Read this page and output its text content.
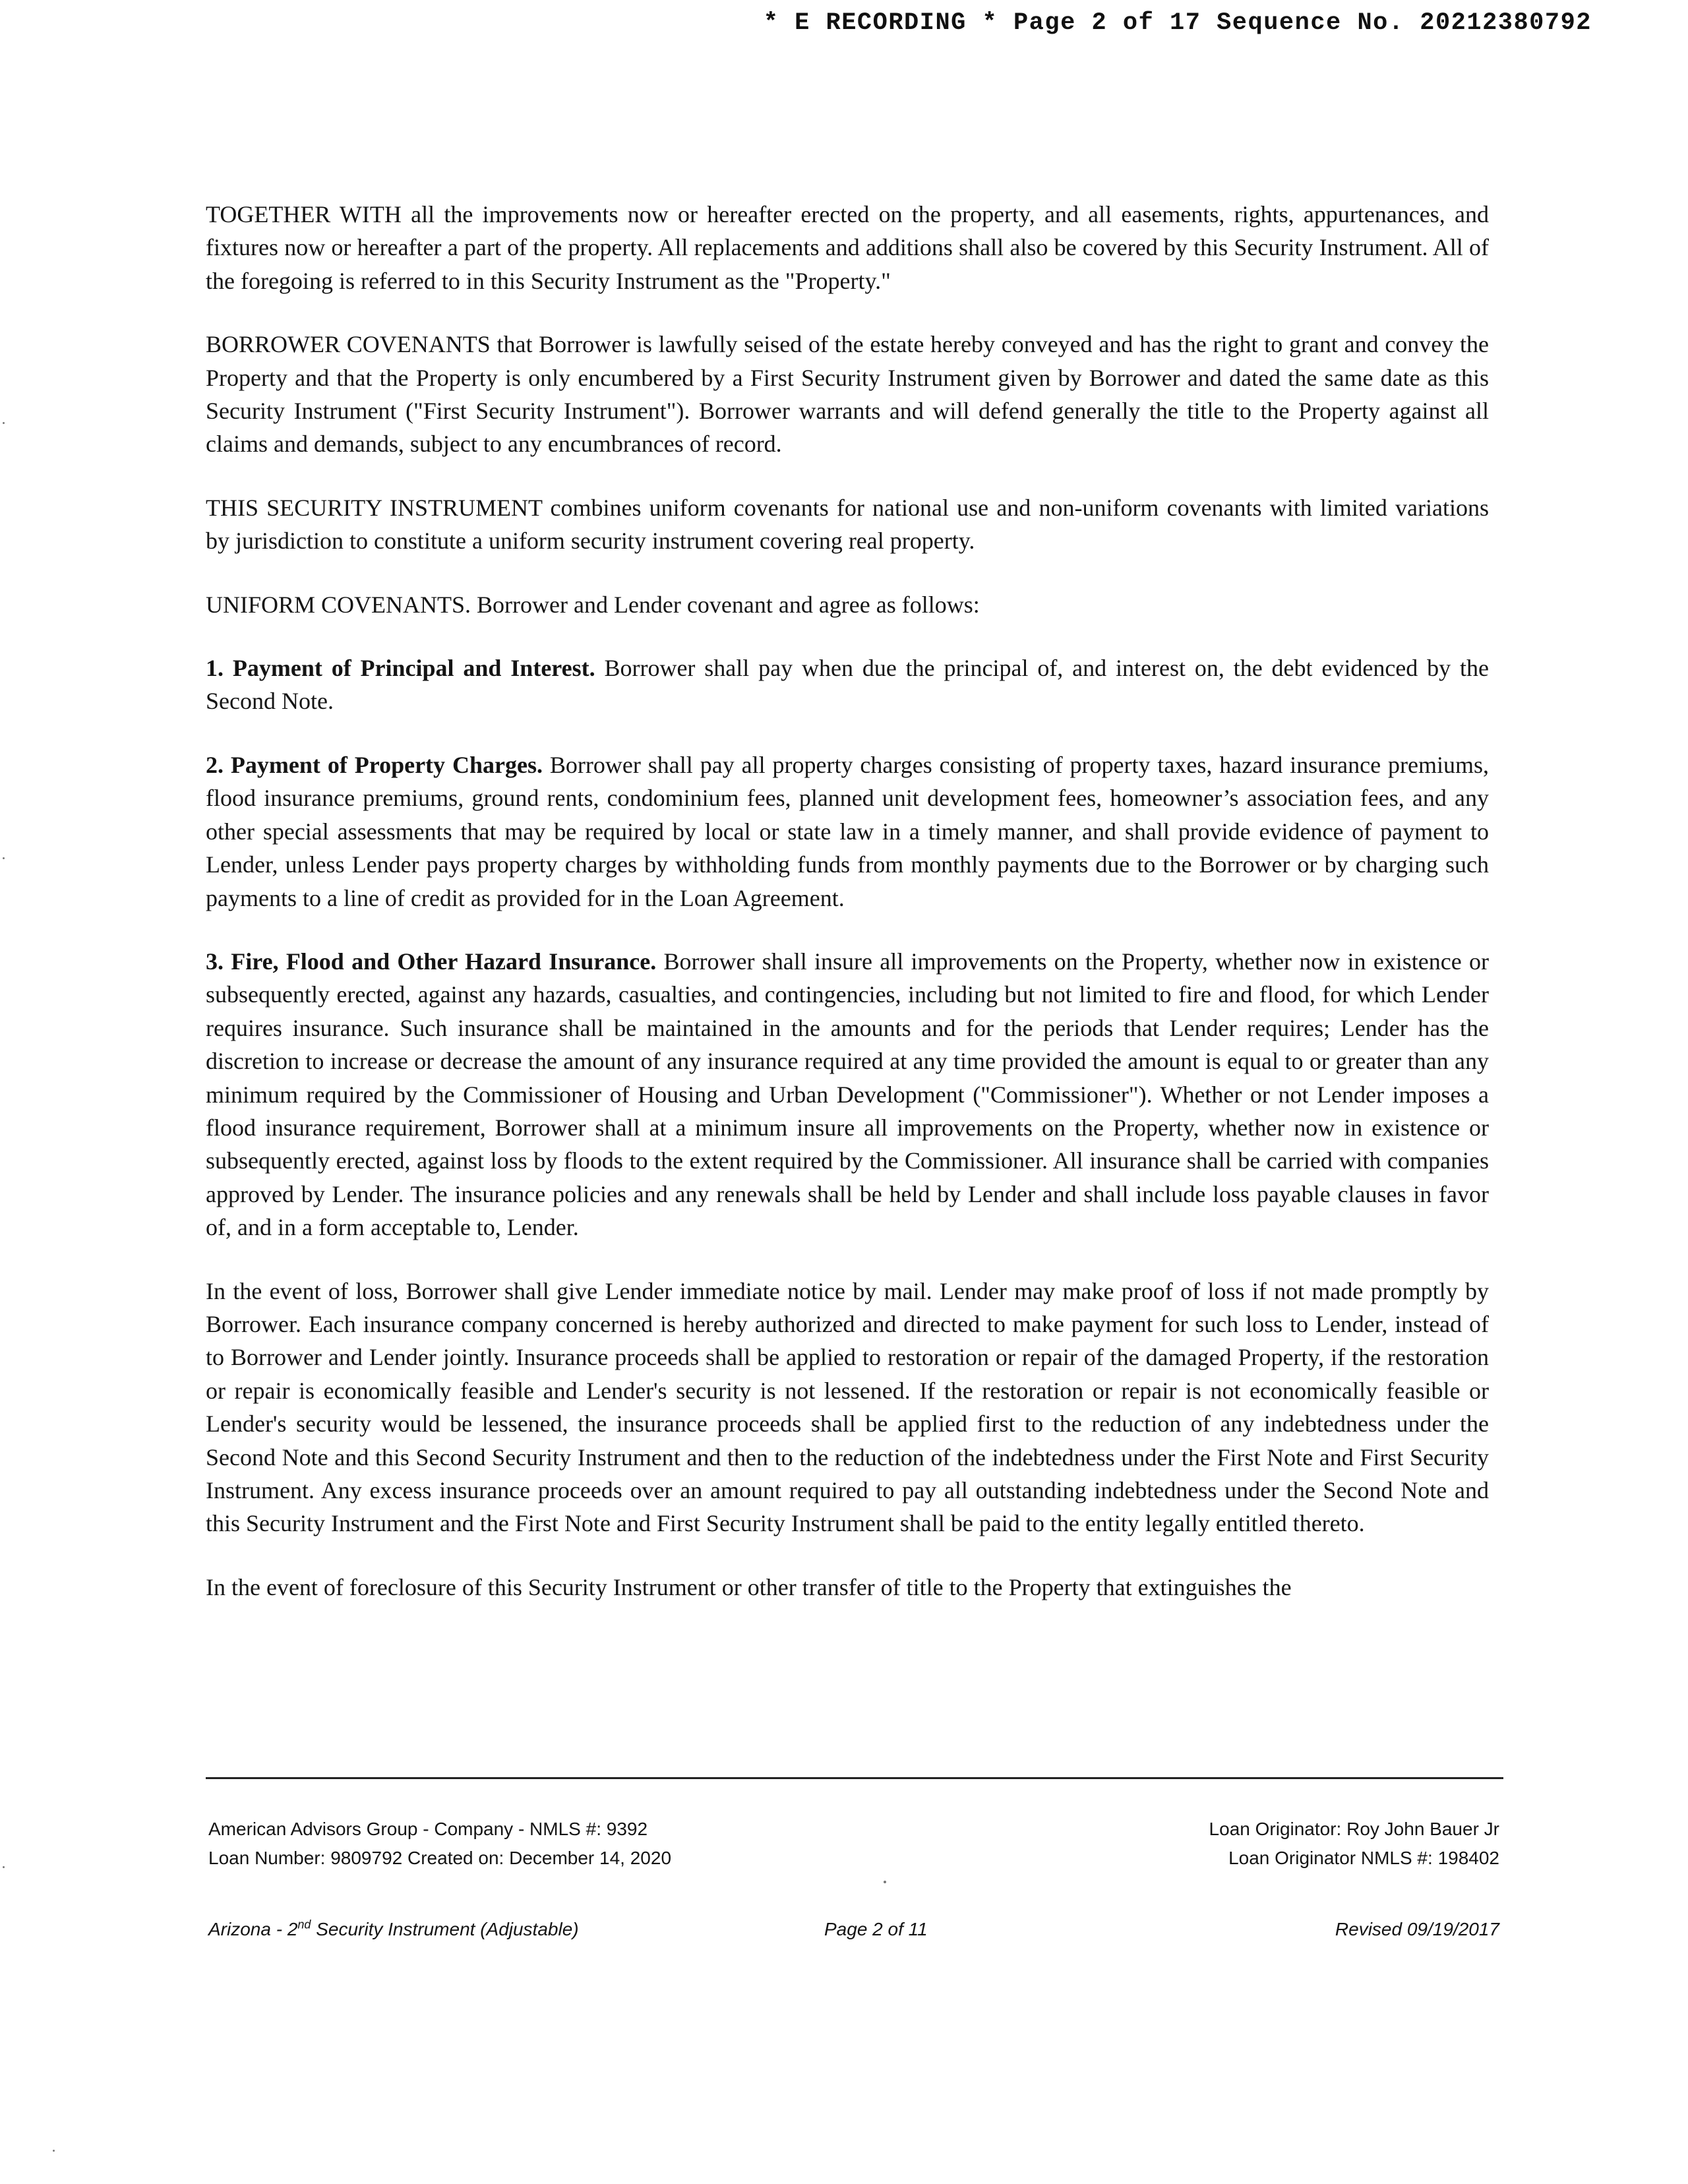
* E RECORDING * Page 2 of 17 Sequence No. 20212380792

TOGETHER WITH all the improvements now or hereafter erected on the property, and all easements, rights, appurtenances, and fixtures now or hereafter a part of the property. All replacements and additions shall also be covered by this Security Instrument. All of the foregoing is referred to in this Security Instrument as the "Property."

BORROWER COVENANTS that Borrower is lawfully seised of the estate hereby conveyed and has the right to grant and convey the Property and that the Property is only encumbered by a First Security Instrument given by Borrower and dated the same date as this Security Instrument ("First Security Instrument"). Borrower warrants and will defend generally the title to the Property against all claims and demands, subject to any encumbrances of record.

THIS SECURITY INSTRUMENT combines uniform covenants for national use and non-uniform covenants with limited variations by jurisdiction to constitute a uniform security instrument covering real property.

UNIFORM COVENANTS. Borrower and Lender covenant and agree as follows:

1. Payment of Principal and Interest. Borrower shall pay when due the principal of, and interest on, the debt evidenced by the Second Note.

2. Payment of Property Charges. Borrower shall pay all property charges consisting of property taxes, hazard insurance premiums, flood insurance premiums, ground rents, condominium fees, planned unit development fees, homeowner’s association fees, and any other special assessments that may be required by local or state law in a timely manner, and shall provide evidence of payment to Lender, unless Lender pays property charges by withholding funds from monthly payments due to the Borrower or by charging such payments to a line of credit as provided for in the Loan Agreement.

3. Fire, Flood and Other Hazard Insurance. Borrower shall insure all improvements on the Property, whether now in existence or subsequently erected, against any hazards, casualties, and contingencies, including but not limited to fire and flood, for which Lender requires insurance. Such insurance shall be maintained in the amounts and for the periods that Lender requires; Lender has the discretion to increase or decrease the amount of any insurance required at any time provided the amount is equal to or greater than any minimum required by the Commissioner of Housing and Urban Development ("Commissioner"). Whether or not Lender imposes a flood insurance requirement, Borrower shall at a minimum insure all improvements on the Property, whether now in existence or subsequently erected, against loss by floods to the extent required by the Commissioner. All insurance shall be carried with companies approved by Lender. The insurance policies and any renewals shall be held by Lender and shall include loss payable clauses in favor of, and in a form acceptable to, Lender.

In the event of loss, Borrower shall give Lender immediate notice by mail. Lender may make proof of loss if not made promptly by Borrower. Each insurance company concerned is hereby authorized and directed to make payment for such loss to Lender, instead of to Borrower and Lender jointly. Insurance proceeds shall be applied to restoration or repair of the damaged Property, if the restoration or repair is economically feasible and Lender's security is not lessened. If the restoration or repair is not economically feasible or Lender's security would be lessened, the insurance proceeds shall be applied first to the reduction of any indebtedness under the Second Note and this Second Security Instrument and then to the reduction of the indebtedness under the First Note and First Security Instrument. Any excess insurance proceeds over an amount required to pay all outstanding indebtedness under the Second Note and this Security Instrument and the First Note and First Security Instrument shall be paid to the entity legally entitled thereto.

In the event of foreclosure of this Security Instrument or other transfer of title to the Property that extinguishes the

American Advisors Group - Company - NMLS #: 9392
Loan Number: 9809792 Created on: December 14, 2020
Loan Originator: Roy John Bauer Jr
Loan Originator NMLS #: 198402
Arizona - 2nd Security Instrument (Adjustable)	Page 2 of 11	Revised 09/19/2017
